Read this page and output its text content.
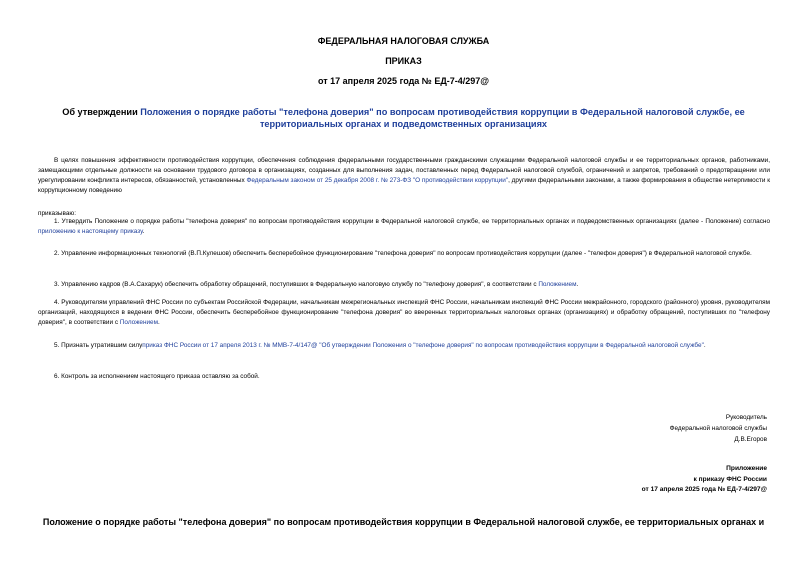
ФЕДЕРАЛЬНАЯ НАЛОГОВАЯ СЛУЖБА
ПРИКАЗ
от 17 апреля 2025 года № ЕД-7-4/297@
Об утверждении Положения о порядке работы "телефона доверия" по вопросам противодействия коррупции в Федеральной налоговой службе, ее территориальных органах и подведомственных организациях
В целях повышения эффективности противодействия коррупции, обеспечения соблюдения федеральными государственными гражданскими служащими Федеральной налоговой службы и ее территориальных органов, работниками, замещающими отдельные должности на основании трудового договора в организациях, созданных для выполнения задач, поставленных перед Федеральной налоговой службой, ограничений и запретов, требований о предотвращении или урегулировании конфликта интересов, обязанностей, установленных Федеральным законом от 25 декабря 2008 г. № 273-ФЗ "О противодействии коррупции", другими федеральными законами, а также формирования в обществе нетерпимости к коррупционному поведению
приказываю:
1. Утвердить Положение о порядке работы "телефона доверия" по вопросам противодействия коррупции в Федеральной налоговой службе, ее территориальных органах и подведомственных организациях (далее - Положение) согласно приложению к настоящему приказу.
2. Управление информационных технологий (В.П.Кулешов) обеспечить бесперебойное функционирование "телефона доверия" по вопросам противодействия коррупции (далее - "телефон доверия") в Федеральной налоговой службе.
3. Управлению кадров (В.А.Сахарук) обеспечить обработку обращений, поступивших в Федеральную налоговую службу по "телефону доверия", в соответствии с Положением.
4. Руководителям управлений ФНС России по субъектам Российской Федерации, начальникам межрегиональных инспекций ФНС России, начальникам инспекций ФНС России межрайонного, городского (районного) уровня, руководителям организаций, находящихся в ведении ФНС России, обеспечить бесперебойное функционирование "телефона доверия" во вверенных территориальных налоговых органах (организациях) и обработку обращений, поступивших по "телефону доверия", в соответствии с Положением.
5. Признать утратившим силуприказ ФНС России от 17 апреля 2013 г. № ММВ-7-4/147@ "Об утверждении Положения о "телефоне доверия" по вопросам противодействия коррупции в Федеральной налоговой службе".
6. Контроль за исполнением настоящего приказа оставляю за собой.
Руководитель
Федеральной налоговой службы
Д.В.Егоров
Приложение
к приказу ФНС России
от 17 апреля 2025 года № ЕД-7-4/297@
Положение о порядке работы "телефона доверия" по вопросам противодействия коррупции в Федеральной налоговой службе, ее территориальных органах и
